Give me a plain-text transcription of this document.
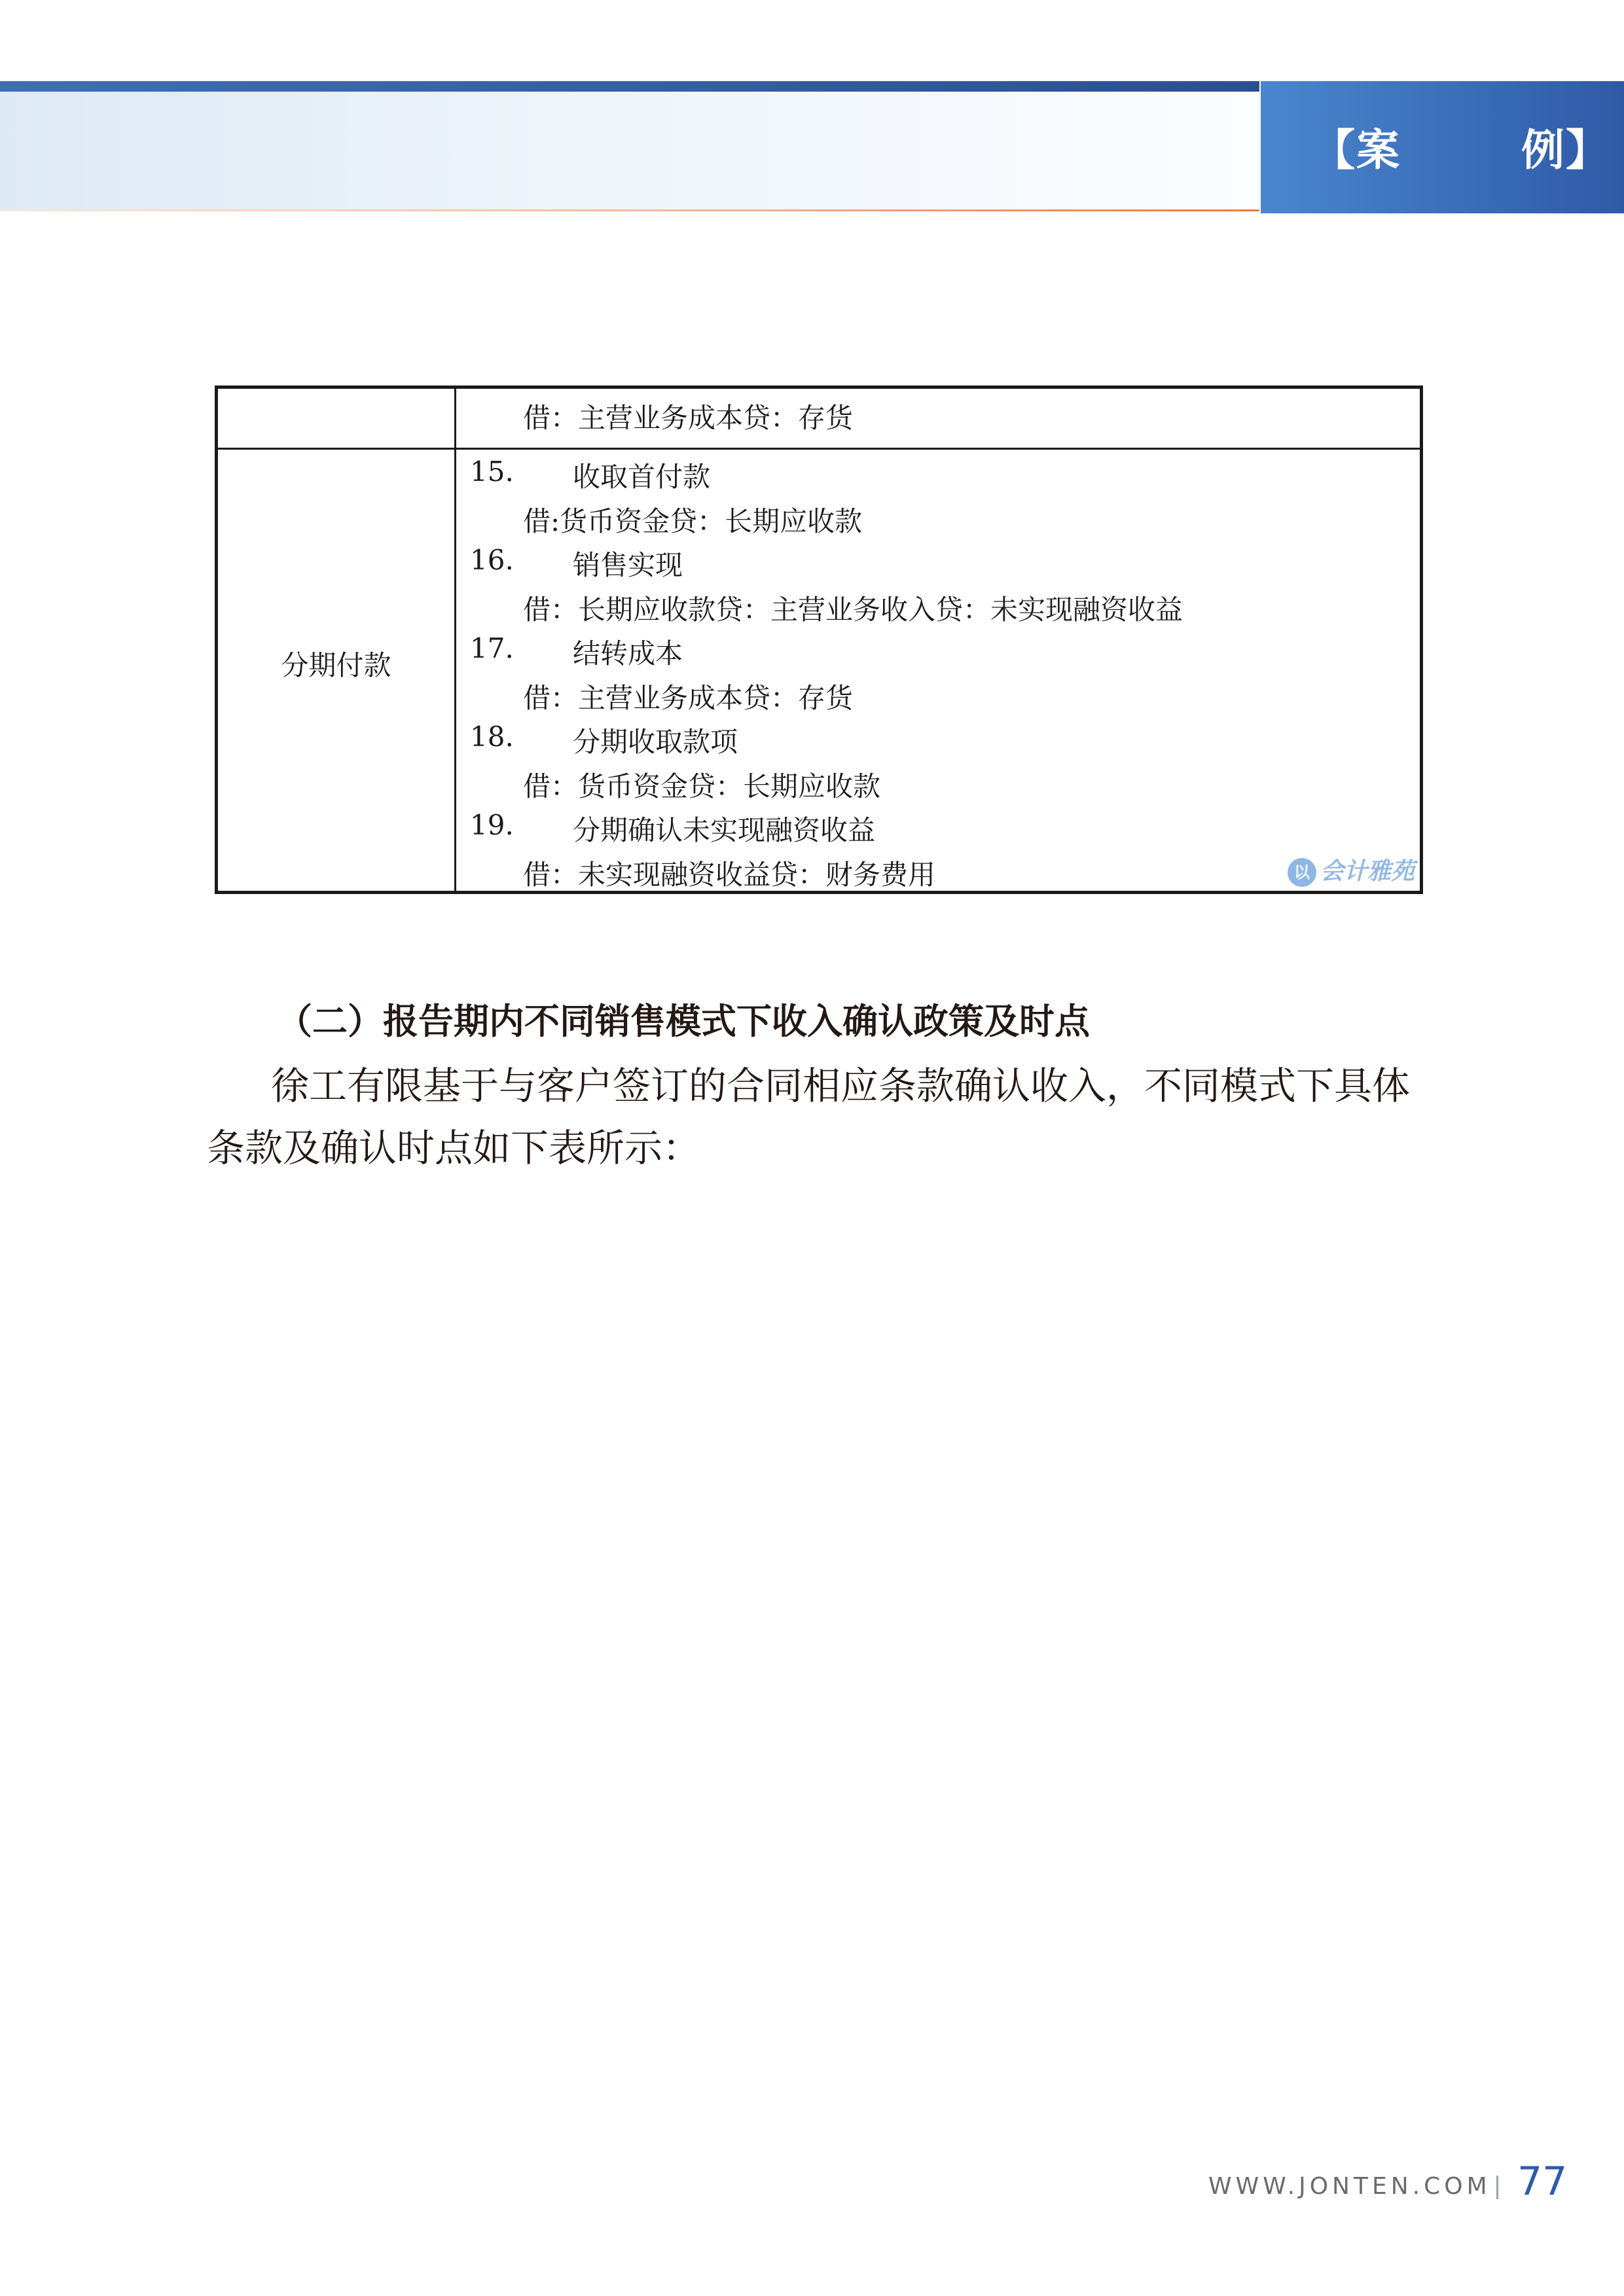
【 案	例 】
借：主营业务成本贷：存货
分期付款
15. 收取首付款
借:货币资金贷：长期应收款
16. 销售实现
借：长期应收款贷：主营业务收入贷：未实现融资收益
17. 结转成本
借：主营业务成本贷：存货
18. 分期收取款项
借：货币资金贷：长期应收款
19. 分期确认未实现融资收益
借：未实现融资收益贷：财务费用	以 会计雅苑
（二）报告期内不同销售模式下收入确认政策及时点
徐工有限基于与客户签订的合同相应条款确认收入，不同模式下具体
条款及确认时点如下表所示：
WWW.JONTEN.COM 77
